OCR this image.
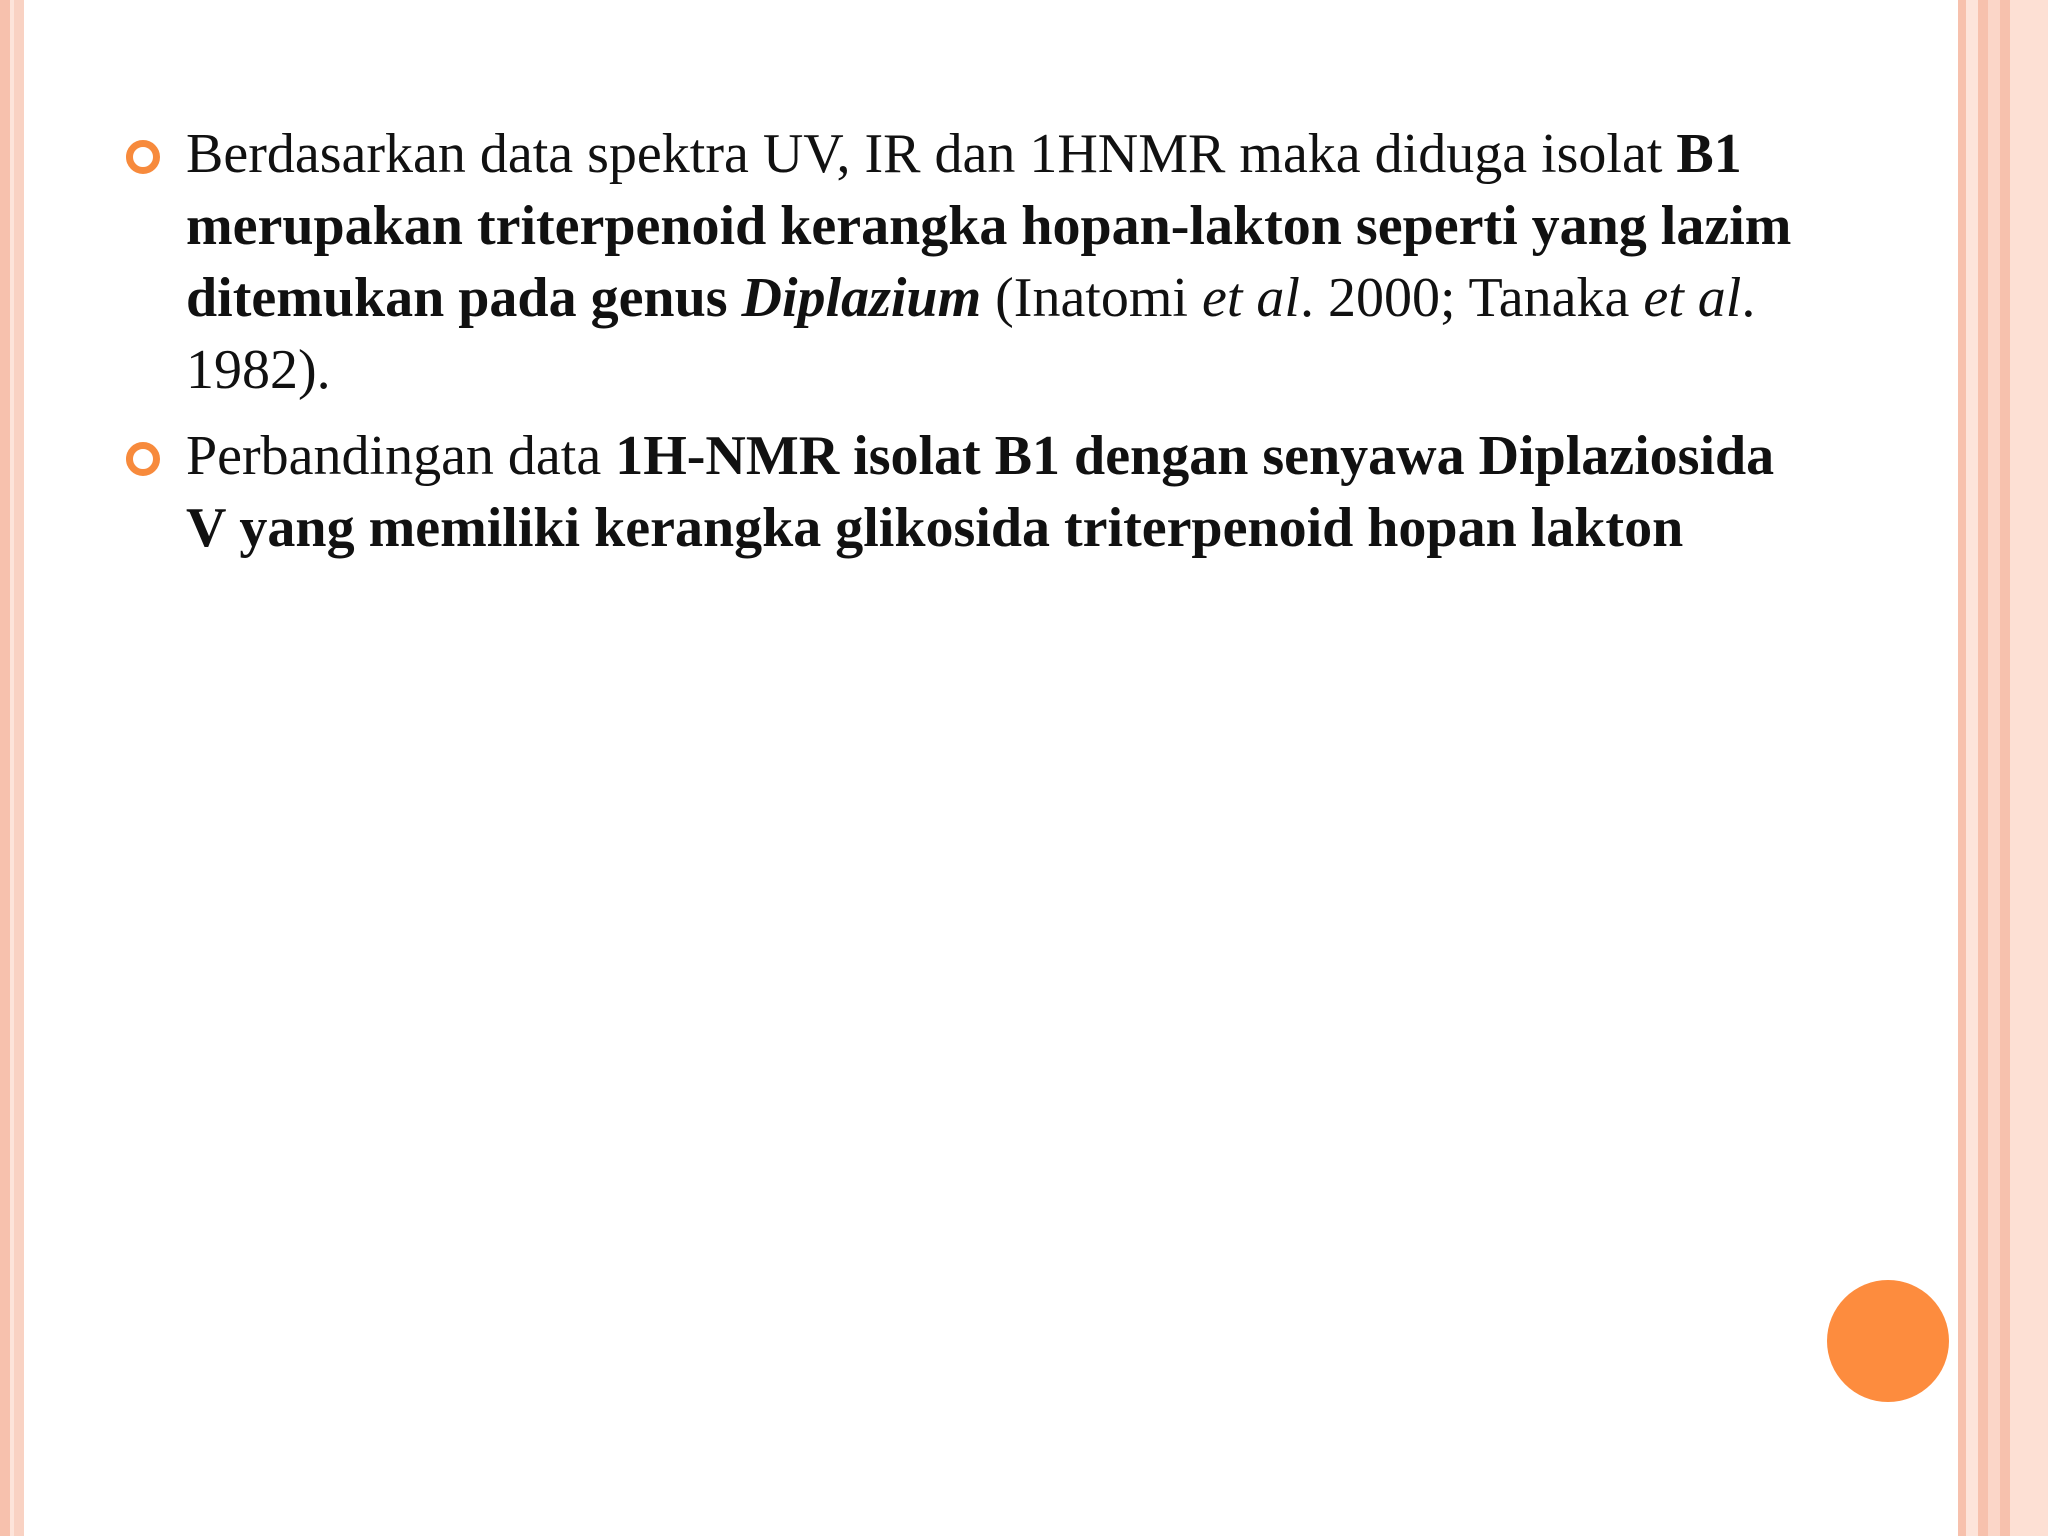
Berdasarkan data spektra UV, IR dan 1HNMR maka diduga isolat B1 merupakan triterpenoid kerangka hopan-lakton seperti yang lazim ditemukan pada genus Diplazium (Inatomi et al. 2000; Tanaka et al. 1982).
Perbandingan data 1H-NMR isolat B1 dengan senyawa Diplaziosida V yang memiliki kerangka glikosida triterpenoid hopan lakton
